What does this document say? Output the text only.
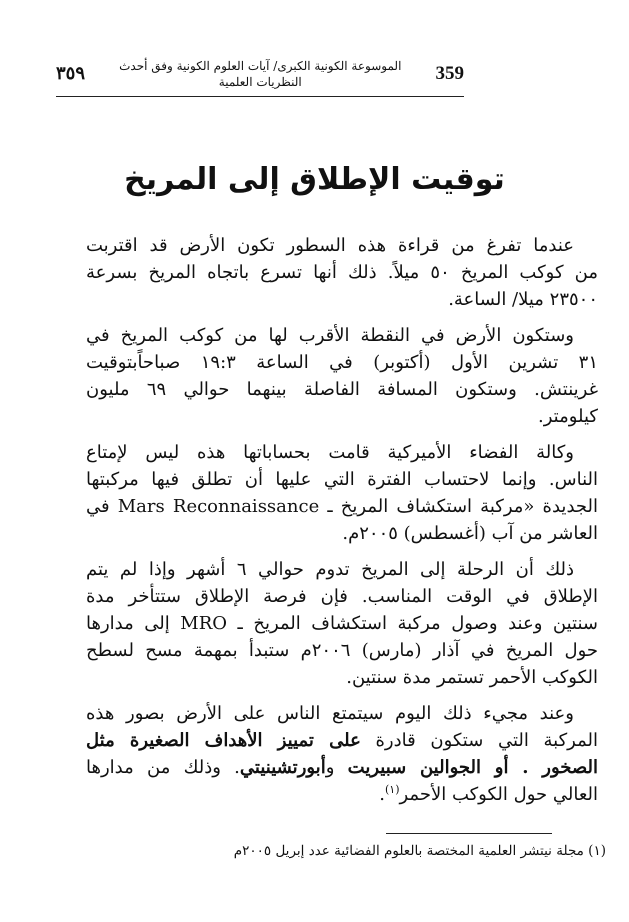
٣٥٩	الموسوعة الكونية الكبرى/ آيات العلوم الكونية وفق أحدث النظريات العلمية	359
توقيت الإطلاق إلى المريخ
عندما تفرغ من قراءة هذه السطور تكون الأرض قد اقتربت
من كوكب المريخ ٥٠ ميلاً. ذلك أنها تسرع باتجاه المريخ بسرعة
٢٣٥٠٠ ميلا/ الساعة.
وستكون الأرض في النقطة الأقرب لها من كوكب المريخ في
٣١ تشرين الأول (أكتوبر) في الساعة ١٩:٣ صباحاًبتوقيت
غرينتش. وستكون المسافة الفاصلة بينهما حوالي ٦٩ مليون
كيلومتر.
وكالة الفضاء الأميركية قامت بحساباتها هذه ليس لإمتاع
الناس. وإنما لاحتساب الفترة التي عليها أن تطلق فيها مركبتها
الجديدة «مركبة استكشاف المريخ ـ Mars Reconnaissance في
العاشر من آب (أغسطس) ٢٠٠٥م.
ذلك أن الرحلة إلى المريخ تدوم حوالي ٦ أشهر وإذا لم يتم
الإطلاق في الوقت المناسب. فإن فرصة الإطلاق ستتأخر مدة
سنتين وعند وصول مركبة استكشاف المريخ ـ MRO إلى مدارها
حول المريخ في آذار (مارس) ٢٠٠٦م ستبدأ بمهمة مسح لسطح
الكوكب الأحمر تستمر مدة سنتين.
وعند مجيء ذلك اليوم سيتمتع الناس على الأرض بصور هذه
المركبة التي ستكون قادرة على تمييز الأهداف الصغيرة مثل
الصخور . أو الجوالين سبيريت وأبورتشينيتي. وذلك من مدارها
العالي حول الكوكب الأحمر$^{(١)}$.
(١) مجلة نيتشر العلمية المختصة بالعلوم الفضائية عدد إبريل ٢٠٠٥م
